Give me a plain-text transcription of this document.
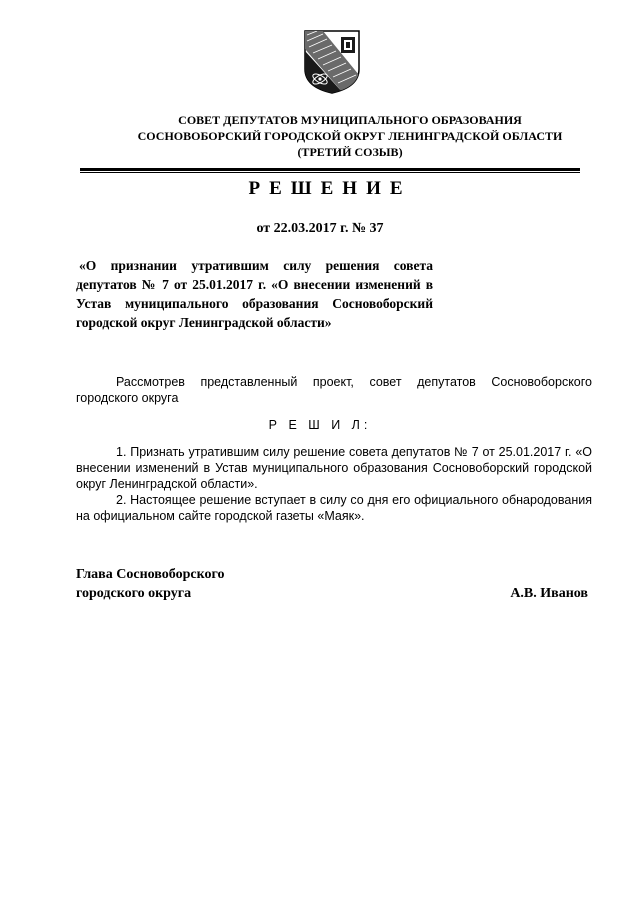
СОВЕТ ДЕПУТАТОВ МУНИЦИПАЛЬНОГО ОБРАЗОВАНИЯ
СОСНОВОБОРСКИЙ ГОРОДСКОЙ ОКРУГ ЛЕНИНГРАДСКОЙ ОБЛАСТИ
(ТРЕТИЙ СОЗЫВ)
РЕШЕНИЕ
от 22.03.2017 г. № 37
«О признании утратившим силу решения совета депутатов № 7 от 25.01.2017 г. «О внесении изменений в Устав муниципального образования Сосновоборский городской округ Ленинградской области»
Рассмотрев представленный проект, совет депутатов Сосновоборского городского округа
Р Е Ш И Л:

1. Признать утратившим силу решение совета депутатов № 7 от 25.01.2017 г. «О внесении изменений в Устав муниципального образования Сосновоборский городской округ Ленинградской области».

2. Настоящее решение вступает в силу со дня его официального обнародования на официальном сайте городской газеты «Маяк».

Глава Сосновоборского
городского округа	А.В. Иванов
